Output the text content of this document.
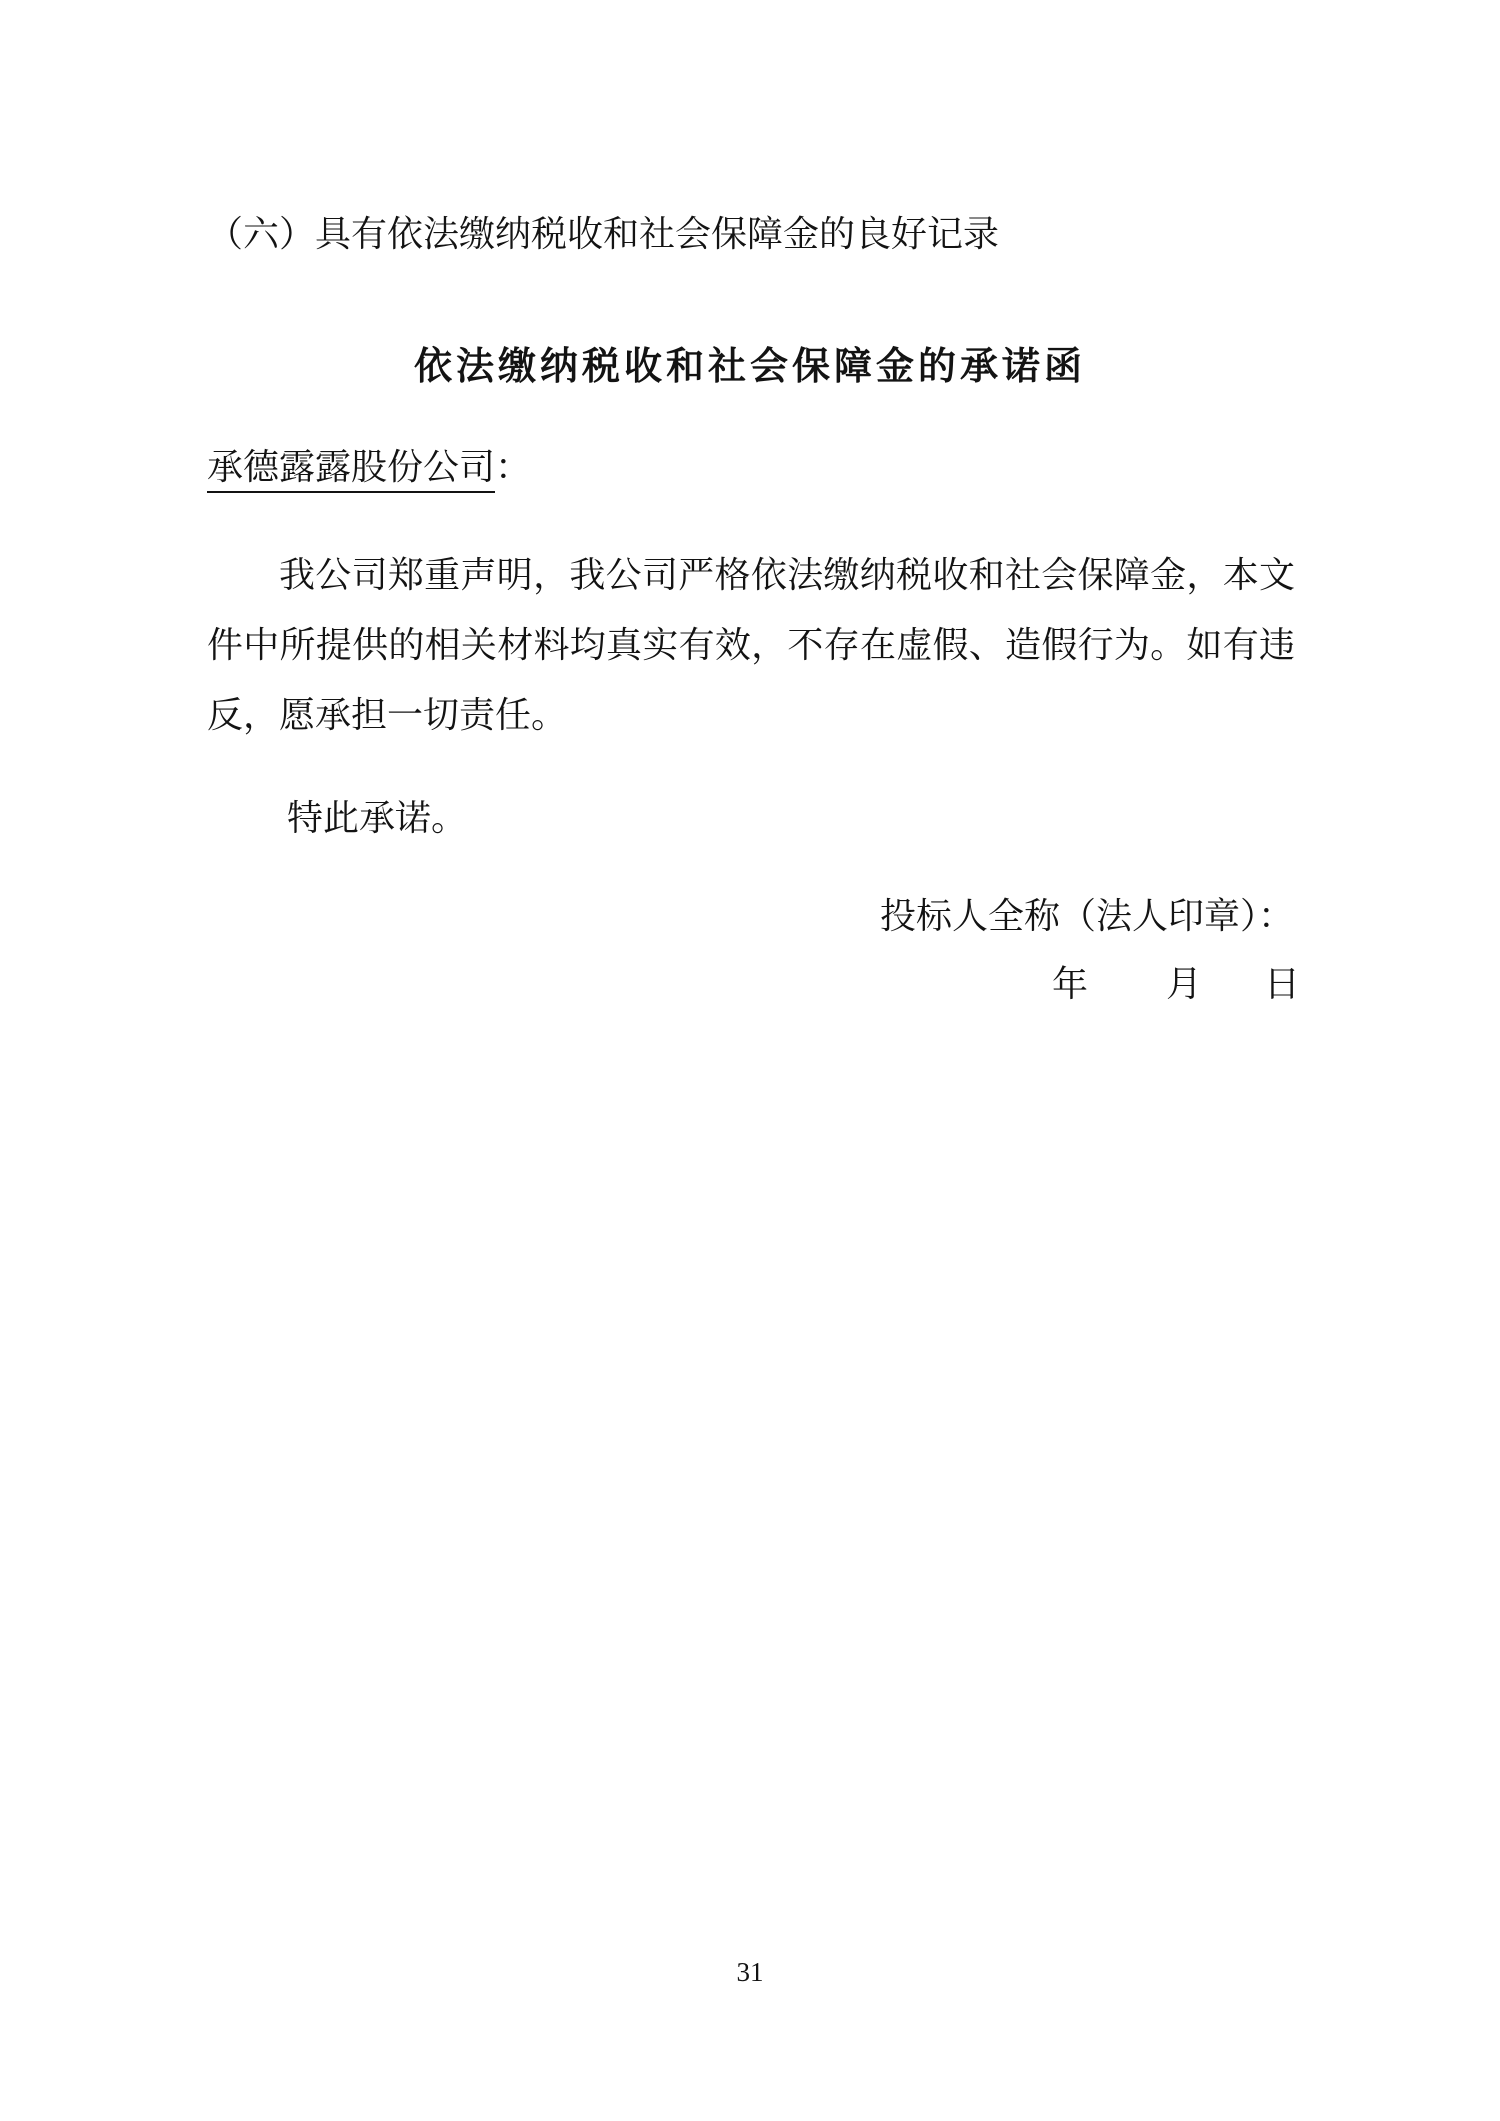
（六）具有依法缴纳税收和社会保障金的良好记录
依法缴纳税收和社会保障金的承诺函
承德露露股份公司：
我公司郑重声明，我公司严格依法缴纳税收和社会保障金，本文
件中所提供的相关材料均真实有效，不存在虚假、造假行为。如有违
反，愿承担一切责任。
特此承诺。
投标人全称（法人印章）：
年 月 日
31
